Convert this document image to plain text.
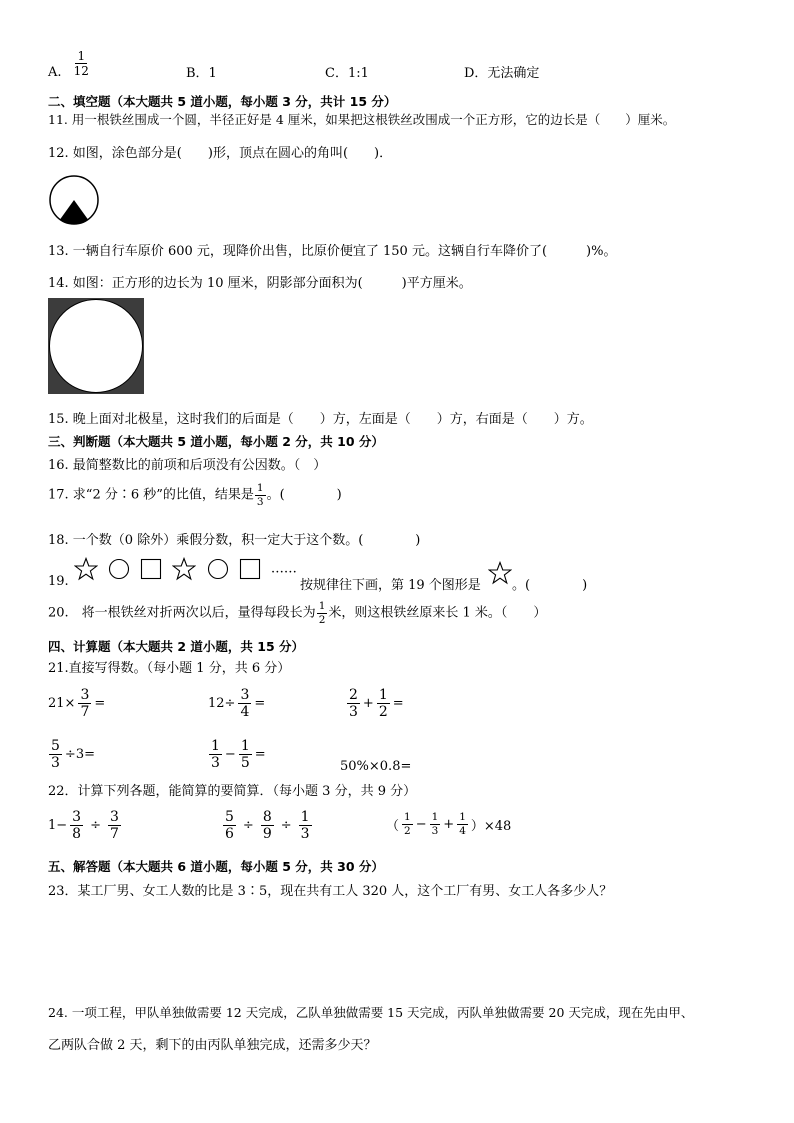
A. $\frac{1}{12}$	B．1	C．1:1	D．无法确定
二、填空题（本大题共 5 道小题，每小题 3 分，共计 15 分）
11. 用一根铁丝围成一个圆，半径正好是 4 厘米，如果把这根铁丝改围成一个正方形，它的边长是（　　）厘米。
12. 如图，涂色部分是(　　)形，顶点在圆心的角叫(　　)．
13. 一辆自行车原价 600 元，现降价出售，比原价便宜了 150 元。这辆自行车降价了(　　　)%。
14. 如图：正方形的边长为 10 厘米，阴影部分面积为(　　　)平方厘米。
15. 晚上面对北极星，这时我们的后面是（　　）方，左面是（　　）方，右面是（　　）方。
三、判断题（本大题共 5 道小题，每小题 2 分，共 10 分）
16. 最简整数比的前项和后项没有公因数。（　）
17. 求“2 分∶6 秒”的比值，结果是 $\frac{1}{3}$ 。(　　　　)
18. 一个数（0 除外）乘假分数，积一定大于这个数。(　　　　)
19.
……
按规律往下画，第 19 个图形是 。(　　　　)
20.　将一根铁丝对折两次以后，量得每段长为 $\frac{1}{2}$ 米，则这根铁丝原来长 1 米。（　　）
四、计算题（本大题共 2 道小题，共 15 分）
21.直接写得数。（每小题 1 分，共 6 分）
$21\times \frac{3}{7}$ =	$12\div \frac{3}{4}$ =	$\frac{2}{3} + \frac{1}{2}$ =
$\frac{5}{3} \div 3=$	$\frac{1}{3} - \frac{1}{5}$ =
50%×0.8=
22．计算下列各题，能简算的要简算．（每小题 3 分，共 9 分）
$1- \frac{3}{8} \div \frac{3}{7}$	$\frac{5}{6} \div \frac{8}{9} \div \frac{1}{3}$	（ $\frac{1}{2} - \frac{1}{3} + \frac{1}{4} )\times 48$
五、解答题（本大题共 6 道小题，每小题 5 分，共 30 分）
23．某工厂男、女工人数的比是 3∶5，现在共有工人 320 人，这个工厂有男、女工人各多少人？
24. 一项工程，甲队单独做需要 12 天完成，乙队单独做需要 15 天完成，丙队单独做需要 20 天完成，现在先由甲、
乙两队合做 2 天，剩下的由丙队单独完成，还需多少天？
